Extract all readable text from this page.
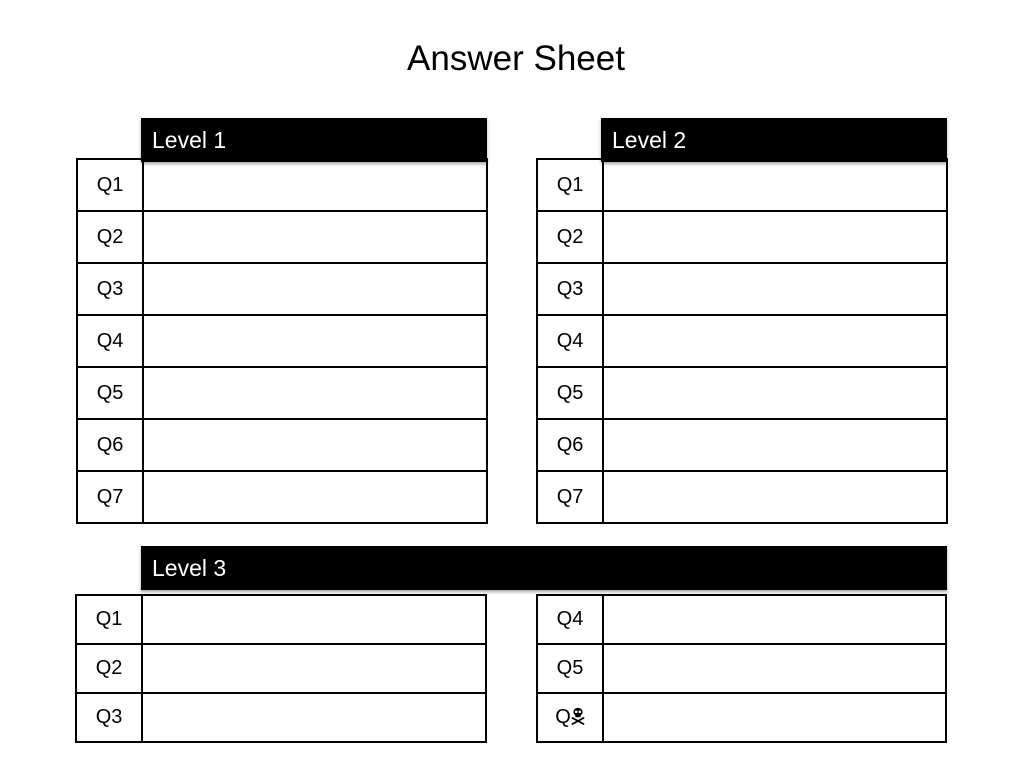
Answer Sheet
Level 1
Q1	
Q2	
Q3	
Q4	
Q5	
Q6	
Q7	
Level 2
Q1	
Q2	
Q3	
Q4	
Q5	
Q6	
Q7	
Level 3
Q1	
Q2	
Q3	
Q4	
Q5	
Q	
